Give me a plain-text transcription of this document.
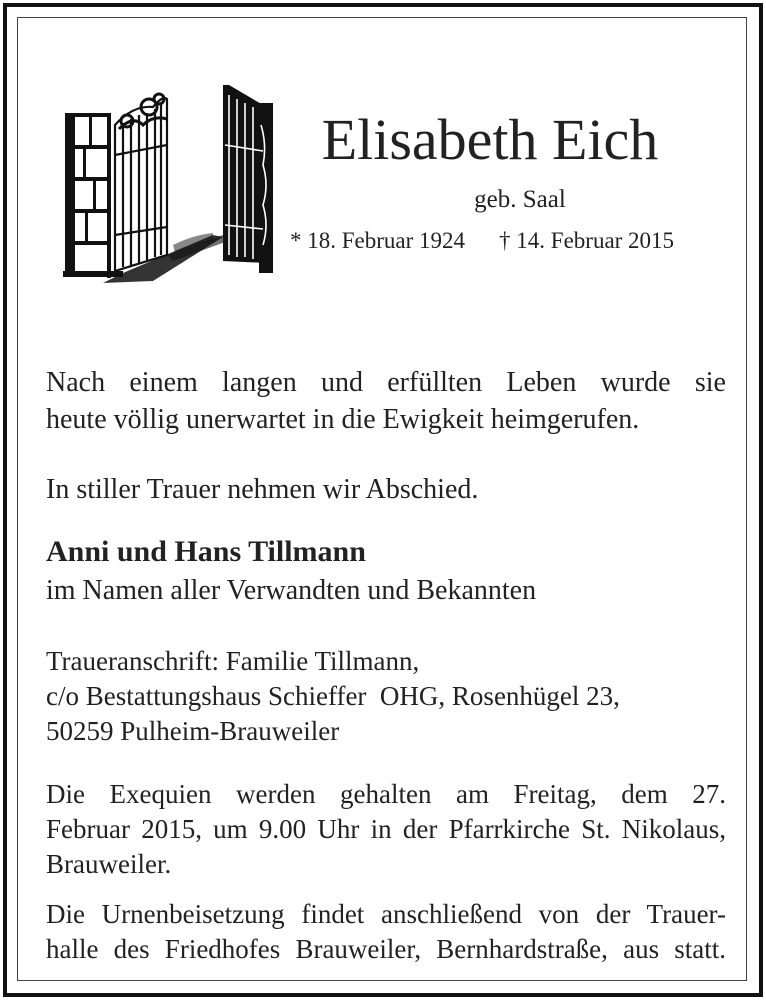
Elisabeth Eich

geb. Saal

* 18. Februar 1924 † 14. Februar 2015

Nach einem langen und erfüllten Leben wurde sie
heute völlig unerwartet in die Ewigkeit heimgerufen.

In stiller Trauer nehmen wir Abschied.

Anni und Hans Tillmann

im Namen aller Verwandten und Bekannten

Traueranschrift: Familie Tillmann,
c/o Bestattungshaus Schieffer  OHG, Rosenhügel 23,
50259 Pulheim-Brauweiler

Die Exequien werden gehalten am Freitag, dem 27.
Februar 2015, um 9.00 Uhr in der Pfarrkirche St. Nikolaus,
Brauweiler.

Die Urnenbeisetzung findet anschließend von der Trauer-
halle des Friedhofes Brauweiler, Bernhardstraße, aus statt.
